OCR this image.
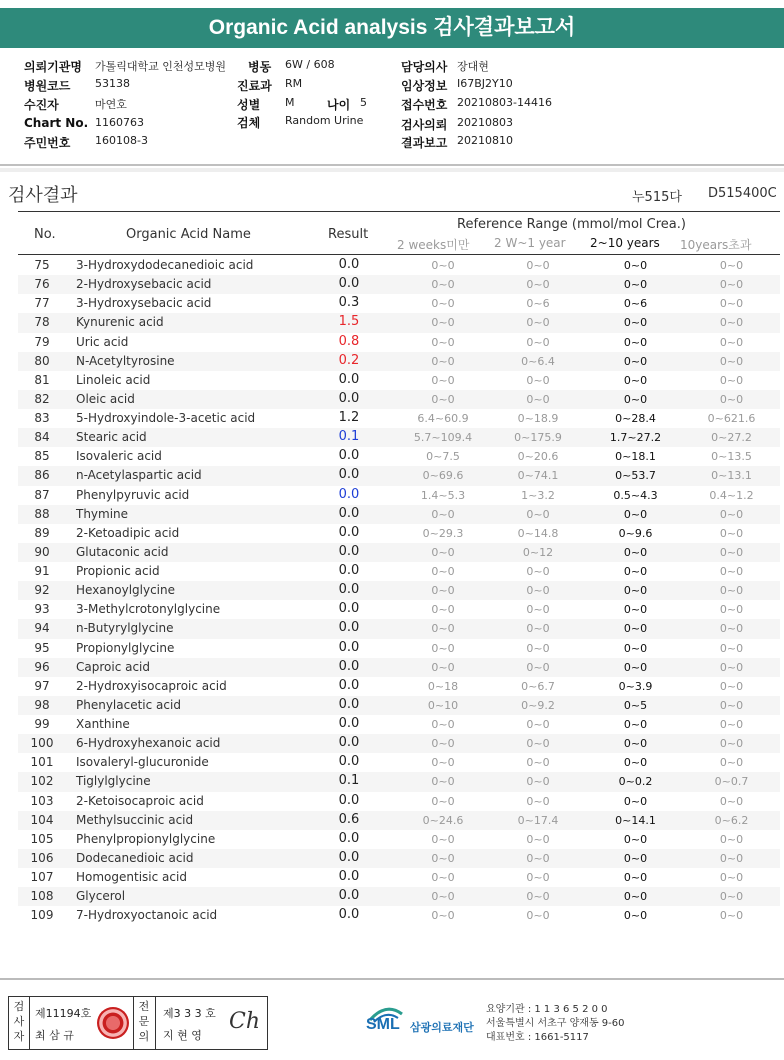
Organic Acid analysis 검사결과보고서
의뢰기관명 가톨릭대학교 인천성모병원 병동 6W / 608	담당의사 장대현
병원코드 53138	진료과 RM	임상정보 I67BJ2Y10
수진자	마연호	성별 M	나이 5	접수번호 20210803-14416
Chart No. 1160763	검체 Random Urine	검사의뢰 20210803
주민번호 160108-3	결과보고 20210810
검사결과	누515다 D515400C
No.	Organic Acid Name	Result
Reference Range (mmol/mol Crea.)
2 weeks미만 2 W~1 year 2~10 years 10years초과
75	3-Hydroxydodecanedioic acid	0.0	0~0	0~0	0~0	0~0
76	2-Hydroxysebacic acid	0.0	0~0	0~0	0~0	0~0
77	3-Hydroxysebacic acid	0.3	0~0	0~6	0~6	0~0
78	Kynurenic acid	1.5	0~0	0~0	0~0	0~0
79	Uric acid	0.8	0~0	0~0	0~0	0~0
80	N-Acetyltyrosine	0.2	0~0	0~6.4	0~0	0~0
81	Linoleic acid	0.0	0~0	0~0	0~0	0~0
82	Oleic acid	0.0	0~0	0~0	0~0	0~0
83	5-Hydroxyindole-3-acetic acid	1.2	6.4~60.9	0~18.9	0~28.4	0~621.6
84	Stearic acid	0.1	5.7~109.4	0~175.9	1.7~27.2	0~27.2
85	Isovaleric acid	0.0	0~7.5	0~20.6	0~18.1	0~13.5
86	n-Acetylaspartic acid	0.0	0~69.6	0~74.1	0~53.7	0~13.1
87	Phenylpyruvic acid	0.0	1.4~5.3	1~3.2	0.5~4.3	0.4~1.2
88	Thymine	0.0	0~0	0~0	0~0	0~0
89	2-Ketoadipic acid	0.0	0~29.3	0~14.8	0~9.6	0~0
90	Glutaconic acid	0.0	0~0	0~12	0~0	0~0
91	Propionic acid	0.0	0~0	0~0	0~0	0~0
92	Hexanoylglycine	0.0	0~0	0~0	0~0	0~0
93	3-Methylcrotonylglycine	0.0	0~0	0~0	0~0	0~0
94	n-Butyrylglycine	0.0	0~0	0~0	0~0	0~0
95	Propionylglycine	0.0	0~0	0~0	0~0	0~0
96	Caproic acid	0.0	0~0	0~0	0~0	0~0
97	2-Hydroxyisocaproic acid	0.0	0~18	0~6.7	0~3.9	0~0
98	Phenylacetic acid	0.0	0~10	0~9.2	0~5	0~0
99	Xanthine	0.0	0~0	0~0	0~0	0~0
100	6-Hydroxyhexanoic acid	0.0	0~0	0~0	0~0	0~0
101	Isovaleryl-glucuronide	0.0	0~0	0~0	0~0	0~0
102	Tiglylglycine	0.1	0~0	0~0	0~0.2	0~0.7
103	2-Ketoisocaproic acid	0.0	0~0	0~0	0~0	0~0
104	Methylsuccinic acid	0.6	0~24.6	0~17.4	0~14.1	0~6.2
105	Phenylpropionylglycine	0.0	0~0	0~0	0~0	0~0
106	Dodecanedioic acid	0.0	0~0	0~0	0~0	0~0
107	Homogentisic acid	0.0	0~0	0~0	0~0	0~0
108	Glycerol	0.0	0~0	0~0	0~0	0~0
109	7-Hydroxyoctanoic acid	0.0	0~0	0~0	0~0	0~0
검
사
자
제11194호
최 삼 규
전
문
의
제3 3 3 호
지 현 영
Ch	SML 삼광의료재단
요양기관 : 1 1 3 6 5 2 0 0
서울특별시 서초구 양재동 9-60
대표번호 : 1661-5117
